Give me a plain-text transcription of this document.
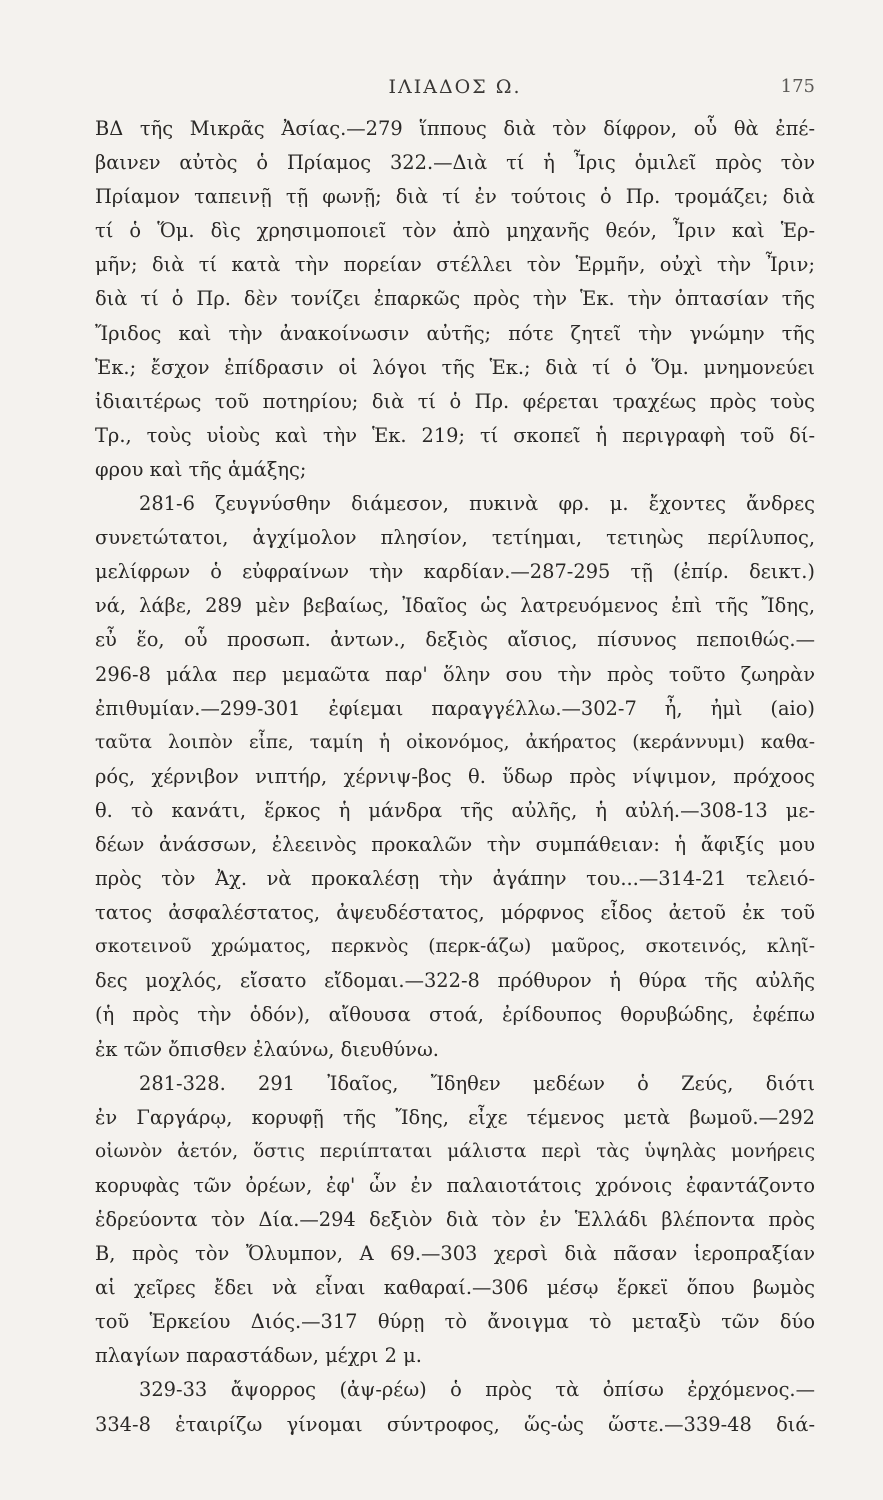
ΙΛΙΑΔΟΣ Ω.	175
ΒΔ τῆς Μικρᾶς Ἀσίας.—279 ἵππους διὰ τὸν δίφρον, οὗ θὰ ἐπέ-
βαινεν αὐτὸς ὁ Πρίαμος 322.—Διὰ τί ἡ Ἶρις ὁμιλεῖ πρὸς τὸν
Πρίαμον ταπεινῇ τῇ φωνῇ; διὰ τί ἐν τούτοις ὁ Πρ. τρομάζει; διὰ
τί ὁ Ὅμ. δὶς χρησιμοποιεῖ τὸν ἀπὸ μηχανῆς θεόν, Ἶριν καὶ Ἑρ-
μῆν; διὰ τί κατὰ τὴν πορείαν στέλλει τὸν Ἑρμῆν, οὐχὶ τὴν Ἶριν;
διὰ τί ὁ Πρ. δὲν τονίζει ἐπαρκῶς πρὸς τὴν Ἑκ. τὴν ὀπτασίαν τῆς
Ἴριδος καὶ τὴν ἀνακοίνωσιν αὐτῆς; πότε ζητεῖ τὴν γνώμην τῆς
Ἑκ.; ἔσχον ἐπίδρασιν οἱ λόγοι τῆς Ἑκ.; διὰ τί ὁ Ὅμ. μνημονεύει
ἰδιαιτέρως τοῦ ποτηρίου; διὰ τί ὁ Πρ. φέρεται τραχέως πρὸς τοὺς
Τρ., τοὺς υἱοὺς καὶ τὴν Ἑκ. 219; τί σκοπεῖ ἡ περιγραφὴ τοῦ δί-
φρου καὶ τῆς ἁμάξης;
281-6 ζευγνύσθην διάμεσον, πυκινὰ φρ. μ. ἔχοντες ἄνδρες
συνετώτατοι, ἀγχίμολον πλησίον, τετίημαι, τετιηὼς περίλυπος,
μελίφρων ὁ εὐφραίνων τὴν καρδίαν.—287-295 τῇ (ἐπίρ. δεικτ.)
νά, λάβε, 289 μὲν βεβαίως, Ἰδαῖος ὡς λατρευόμενος ἐπὶ τῆς Ἴδης,
εὖ ἕο, οὗ προσωπ. ἀντων., δεξιὸς αἴσιος, πίσυνος πεποιθώς.—
296-8 μάλα περ μεμαῶτα παρ' ὅλην σου τὴν πρὸς τοῦτο ζωηρὰν
ἐπιθυμίαν.—299-301 ἐφίεμαι παραγγέλλω.—302-7 ἦ, ἠμὶ (aio)
ταῦτα λοιπὸν εἶπε, ταμίη ἡ οἰκονόμος, ἀκήρατος (κεράννυμι) καθα-
ρός, χέρνιβον νιπτήρ, χέρνιψ-βος θ. ὕδωρ πρὸς νίψιμον, πρόχοος
θ. τὸ κανάτι, ἕρκος ἡ μάνδρα τῆς αὐλῆς, ἡ αὐλή.—308-13 με-
δέων ἀνάσσων, ἐλεεινὸς προκαλῶν τὴν συμπάθειαν: ἡ ἄφιξίς μου
πρὸς τὸν Ἀχ. νὰ προκαλέσῃ τὴν ἀγάπην του...—314-21 τελειό-
τατος ἀσφαλέστατος, ἀψευδέστατος, μόρφνος εἶδος ἀετοῦ ἐκ τοῦ
σκοτεινοῦ χρώματος, περκνὸς (περκ-άζω) μαῦρος, σκοτεινός, κληῖ-
δες μοχλός, εἴσατο εἴδομαι.—322-8 πρόθυρον ἡ θύρα τῆς αὐλῆς
(ἡ πρὸς τὴν ὁδόν), αἴθουσα στοά, ἐρίδουπος θορυβώδης, ἐφέπω
ἐκ τῶν ὄπισθεν ἐλαύνω, διευθύνω.
281-328. 291 Ἰδαῖος, Ἴδηθεν μεδέων ὁ Ζεύς, διότι
ἐν Γαργάρῳ, κορυφῇ τῆς Ἴδης, εἶχε τέμενος μετὰ βωμοῦ.—292
οἰωνὸν ἀετόν, ὅστις περιίπταται μάλιστα περὶ τὰς ὑψηλὰς μονήρεις
κορυφὰς τῶν ὀρέων, ἐφ' ὧν ἐν παλαιοτάτοις χρόνοις ἐφαντάζοντο
ἑδρεύοντα τὸν Δία.—294 δεξιὸν διὰ τὸν ἐν Ἑλλάδι βλέποντα πρὸς
Β, πρὸς τὸν Ὄλυμπον, Α 69.—303 χερσὶ διὰ πᾶσαν ἱεροπραξίαν
αἱ χεῖρες ἔδει νὰ εἶναι καθαραί.—306 μέσῳ ἕρκεϊ ὅπου βωμὸς
τοῦ Ἑρκείου Διός.—317 θύρῃ τὸ ἄνοιγμα τὸ μεταξὺ τῶν δύο
πλαγίων παραστάδων, μέχρι 2 μ.
329-33 ἄψορρος (ἀψ-ρέω) ὁ πρὸς τὰ ὀπίσω ἐρχόμενος.—
334-8 ἑταιρίζω γίνομαι σύντροφος, ὥς-ὡς ὥστε.—339-48 διά-
